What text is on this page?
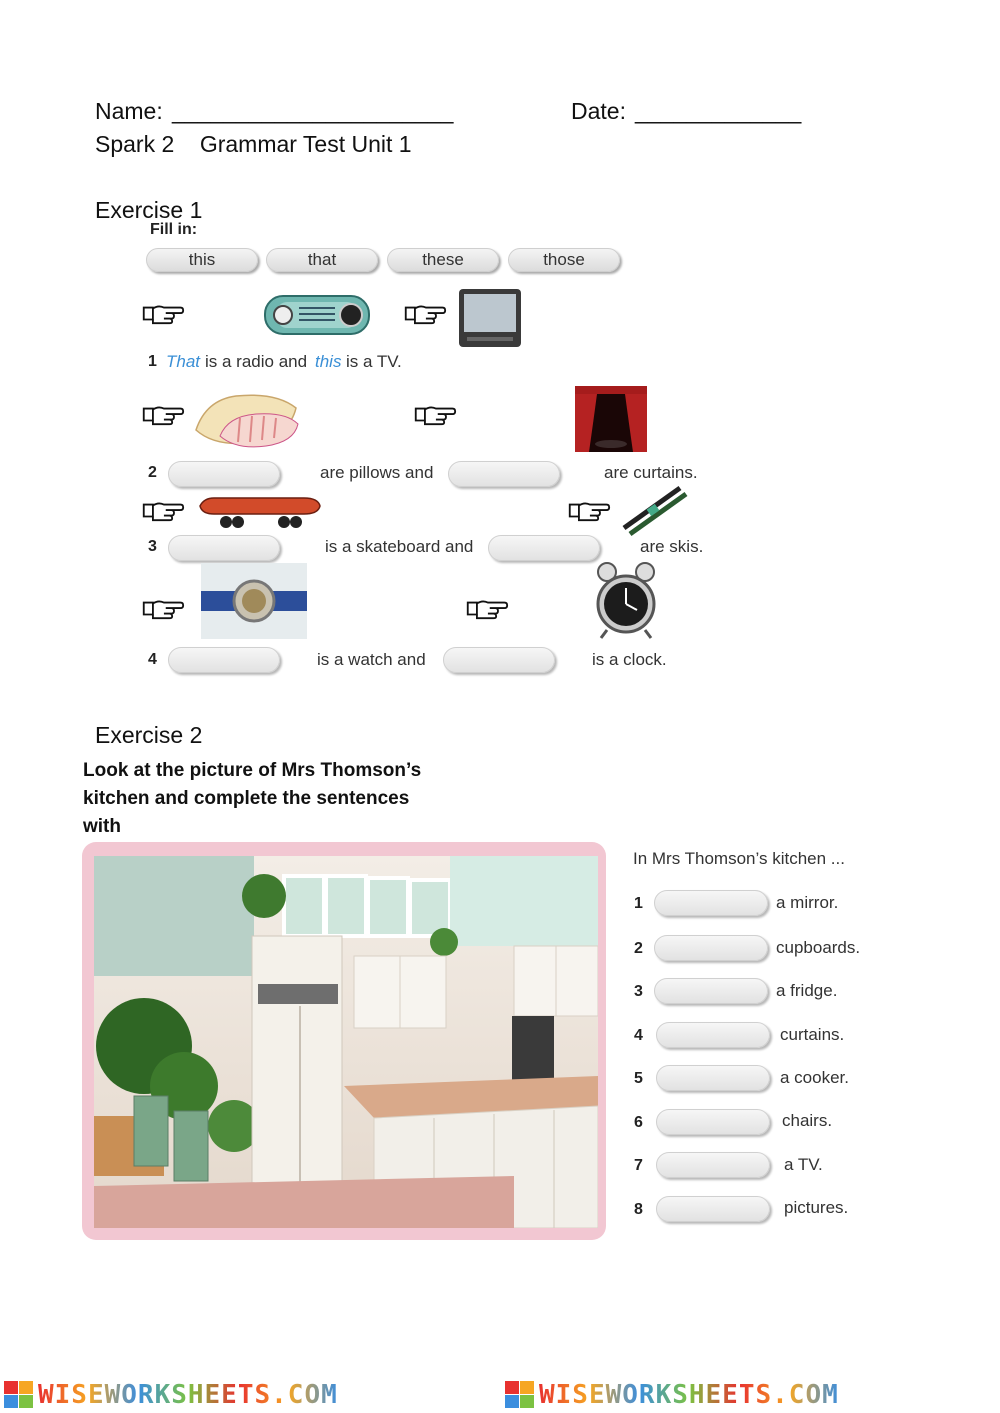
Name: ______________________	Date: _____________
Spark 2    Grammar Test Unit 1
Exercise 1
Fill in:
this	that	these	those
1 That is a radio and this is a TV.
2	are pillows and	are curtains.
3	is a skateboard and	are skis.
4	is a watch and	is a clock.
Exercise 2
Look at the picture of Mrs Thomson’s
kitchen and complete the sentences
with
In Mrs Thomson’s kitchen ...
1	a mirror.
2	cupboards.
3	a fridge.
4	curtains.
5	a cooker.
6	chairs.
7	a TV.
8	pictures.
WISEWORKSHEETS.COM	WISEWORKSHEETS.COM
